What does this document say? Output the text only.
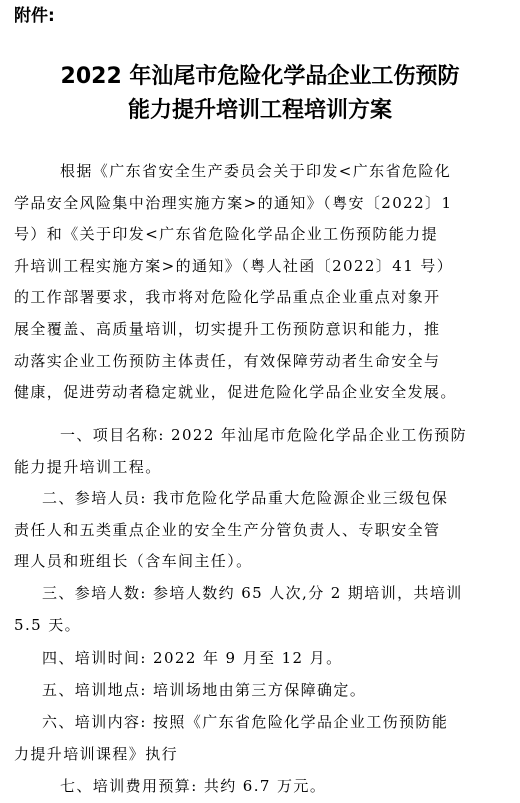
附件:
2022 年汕尾市危险化学品企业工伤预防
能力提升培训工程培训方案
根据《广东省安全生产委员会关于印发<广东省危险化
学品安全风险集中治理实施方案>的通知》（粤安〔2022〕1
号）和《关于印发<广东省危险化学品企业工伤预防能力提
升培训工程实施方案>的通知》（粤人社函〔2022〕41 号）
的工作部署要求，我市将对危险化学品重点企业重点对象开
展全覆盖、高质量培训，切实提升工伤预防意识和能力，推
动落实企业工伤预防主体责任，有效保障劳动者生命安全与
健康，促进劳动者稳定就业，促进危险化学品企业安全发展。
一、项目名称: 2022 年汕尾市危险化学品企业工伤预防
能力提升培训工程。
二、参培人员: 我市危险化学品重大危险源企业三级包保
责任人和五类重点企业的安全生产分管负责人、专职安全管
理人员和班组长（含车间主任）。
三、参培人数: 参培人数约 65 人次,分 2 期培训，共培训
5.5 天。
四、培训时间: 2022 年 9 月至 12 月。
五、培训地点: 培训场地由第三方保障确定。
六、培训内容: 按照《广东省危险化学品企业工伤预防能
力提升培训课程》执行
七、培训费用预算: 共约 6.7 万元。
